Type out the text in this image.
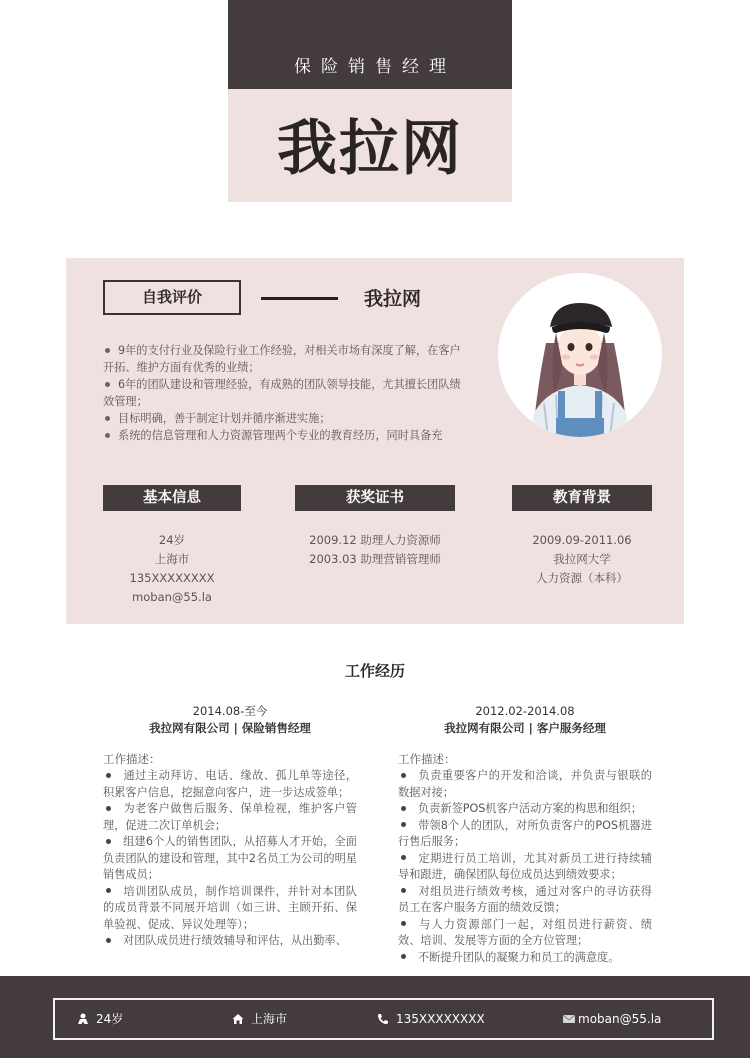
保险销售经理
我拉网
自我评价	我拉网
9年的支付行业及保险行业工作经验，对相关市场有深度了解，在客户开拓、维护方面有优秀的业绩；
6年的团队建设和管理经验，有成熟的团队领导技能，尤其擅长团队绩效管理；
目标明确，善于制定计划并循序渐进实施；
系统的信息管理和人力资源管理两个专业的教育经历，同时具备充
基本信息	获奖证书	教育背景
24岁
上海市
135XXXXXXXX
moban@55.la
2009.12 助理人力资源师
2003.03 助理营销管理师
2009.09-2011.06
我拉网大学
人力资源（本科）
工作经历
2014.08-至今
我拉网有限公司 | 保险销售经理
工作描述：
通过主动拜访、电话、缘故、孤儿单等途径，积累客户信息，挖掘意向客户，进一步达成签单；
为老客户做售后服务、保单检视，维护客户管理，促进二次订单机会；
组建6个人的销售团队，从招募人才开始，全面负责团队的建设和管理，其中2名员工为公司的明星销售成员；
培训团队成员，制作培训课件，并针对本团队的成员背景不同展开培训（如三讲、主顾开拓、保单验视、促成、异议处理等）；
对团队成员进行绩效辅导和评估，从出勤率、
2012.02-2014.08
我拉网有限公司 | 客户服务经理
工作描述：
负责重要客户的开发和洽谈，并负责与银联的数据对接；
负责新签POS机客户活动方案的构思和组织；
带领8个人的团队，对所负责客户的POS机器进行售后服务；
定期进行员工培训，尤其对新员工进行持续辅导和跟进，确保团队每位成员达到绩效要求；
对组员进行绩效考核，通过对客户的寻访获得员工在客户服务方面的绩效反馈；
与人力资源部门一起，对组员进行薪资、绩效、培训、发展等方面的全方位管理；
不断提升团队的凝聚力和员工的满意度。
24岁	上海市	135XXXXXXXX	moban@55.la
